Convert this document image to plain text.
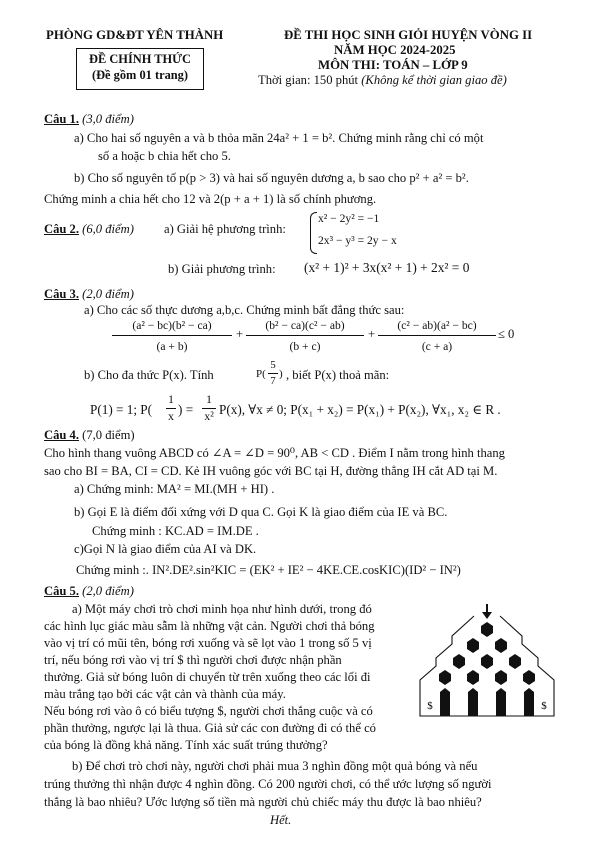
PHÒNG GD&ĐT YÊN THÀNH	ĐỀ THI HỌC SINH GIỎI HUYỆN VÒNG II
NĂM HỌC 2024-2025
MÔN THI: TOÁN – LỚP 9
ĐỀ CHÍNH THỨC
(Đề gồm 01 trang)	Thời gian: 150 phút (Không kể thời gian giao đề)
Câu 1. (3,0 điểm)
a) Cho hai số nguyên a và b thỏa mãn 24a² + 1 = b². Chứng minh rằng chỉ có một
số a hoặc b chia hết cho 5.
b) Cho số nguyên tố p(p > 3) và hai số nguyên dương a, b sao cho p² + a² = b².
Chứng minh a chia hết cho 12 và 2(p + a + 1) là số chính phương.
Câu 2. (6,0 điểm) a) Giải hệ phương trình:
x² − 2y² = −1
2x³ − y³ = 2y − x
b) Giải phương trình: (x² + 1)² + 3x(x² + 1) + 2x² = 0
Câu 3. (2,0 điểm)
a) Cho các số thực dương a,b,c. Chứng minh bất đẳng thức sau:
(a² − bc)(b² − ca)
(a + b)
+
(b² − ca)(c² − ab)
(b + c)
+
(c² − ab)(a² − bc)
(c + a)
≤ 0
b) Cho đa thức P(x). Tính	P(
5
7
) , biết P(x) thoả mãn:
P(1) = 1; P(
1
x ) =
1
x² P(x), ∀x ≠ 0; P(x₁ + x₂) = P(x₁) + P(x₂), ∀x₁, x₂ ∈ R .
Câu 4. (7,0 điểm)
Cho hình thang vuông ABCD có ∠A = ∠D = 90⁰, AB < CD . Điểm I nằm trong hình thang
sao cho BI = BA, CI = CD. Kẻ IH vuông góc với BC tại H, đường thẳng IH cắt AD tại M.
a) Chứng minh: MA² = MI.(MH + HI) .
b) Gọi E là điểm đối xứng với D qua C. Gọi K là giao điểm của IE và BC.
Chứng minh : KC.AD = IM.DE .
c)Gọi N là giao điểm của AI và DK.
Chứng minh :. IN².DE².sin²KIC = (EK² + IE² − 4KE.CE.cosKIC)(ID² − IN²)
Câu 5. (2,0 điểm)
a) Một máy chơi trò chơi minh họa như hình dưới, trong đó
các hình lục giác màu sẫm là những vật cản. Người chơi thả bóng
vào vị trí có mũi tên, bóng rơi xuống và sẽ lọt vào 1 trong số 5 vị
trí, nếu bóng rơi vào vị trí $ thì người chơi được nhận phần
thưởng. Giả sử bóng luôn di chuyển từ trên xuống theo các lối đi
màu trắng tạo bởi các vật cản và thành của máy.
Nếu bóng rơi vào ô có biểu tượng $, người chơi thắng cuộc và có
phần thưởng, ngược lại là thua. Giả sử các con đường đi có thể có
của bóng là đồng khả năng. Tính xác suất trúng thưởng?
b) Để chơi trò chơi này, người chơi phải mua 3 nghìn đồng một quả bóng và nếu
trúng thưởng thì nhận được 4 nghìn đồng. Có 200 người chơi, có thể ước lượng số người
thắng là bao nhiêu? Ước lượng số tiền mà người chủ chiếc máy thu được là bao nhiêu?
$	$
Hết.
